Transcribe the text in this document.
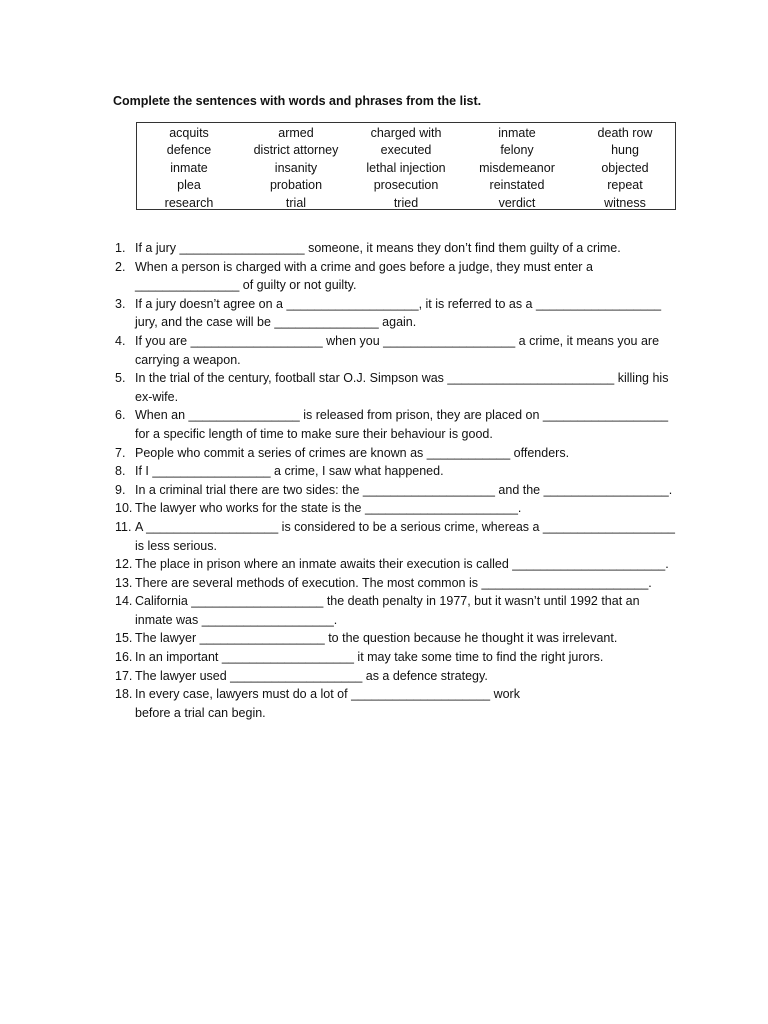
Complete the sentences with words and phrases from the list.
acquits	armed	charged with	inmate	death row
defence	district attorney	executed	felony	hung
inmate	insanity	lethal injection	misdemeanor	objected
plea	probation	prosecution	reinstated	repeat
research	trial	tried	verdict	witness
1. If a jury __________________ someone, it means they don’t find them guilty of a crime.
2. When a person is charged with a crime and goes before a judge, they must enter a
_______________ of guilty or not guilty.
3. If a jury doesn’t agree on a ___________________, it is referred to as a __________________
jury, and the case will be _______________ again.
4. If you are ___________________ when you ___________________ a crime, it means you are
carrying a weapon.
5. In the trial of the century, football star O.J. Simpson was ________________________ killing his
ex-wife.
6. When an ________________ is released from prison, they are placed on __________________
for a specific length of time to make sure their behaviour is good.
7. People who commit a series of crimes are known as ____________ offenders.
8. If I _________________ a crime, I saw what happened.
9. In a criminal trial there are two sides: the ___________________ and the __________________.
10. The lawyer who works for the state is the ______________________.
11. A ___________________ is considered to be a serious crime, whereas a ___________________
is less serious.
12. The place in prison where an inmate awaits their execution is called ______________________.
13. There are several methods of execution. The most common is ________________________.
14. California ___________________ the death penalty in 1977, but it wasn’t until 1992 that an
inmate was ___________________.
15. The lawyer __________________ to the question because he thought it was irrelevant.
16. In an important ___________________ it may take some time to find the right jurors.
17. The lawyer used ___________________ as a defence strategy.
18. In every case, lawyers must do a lot of ____________________ work
before a trial can begin.
